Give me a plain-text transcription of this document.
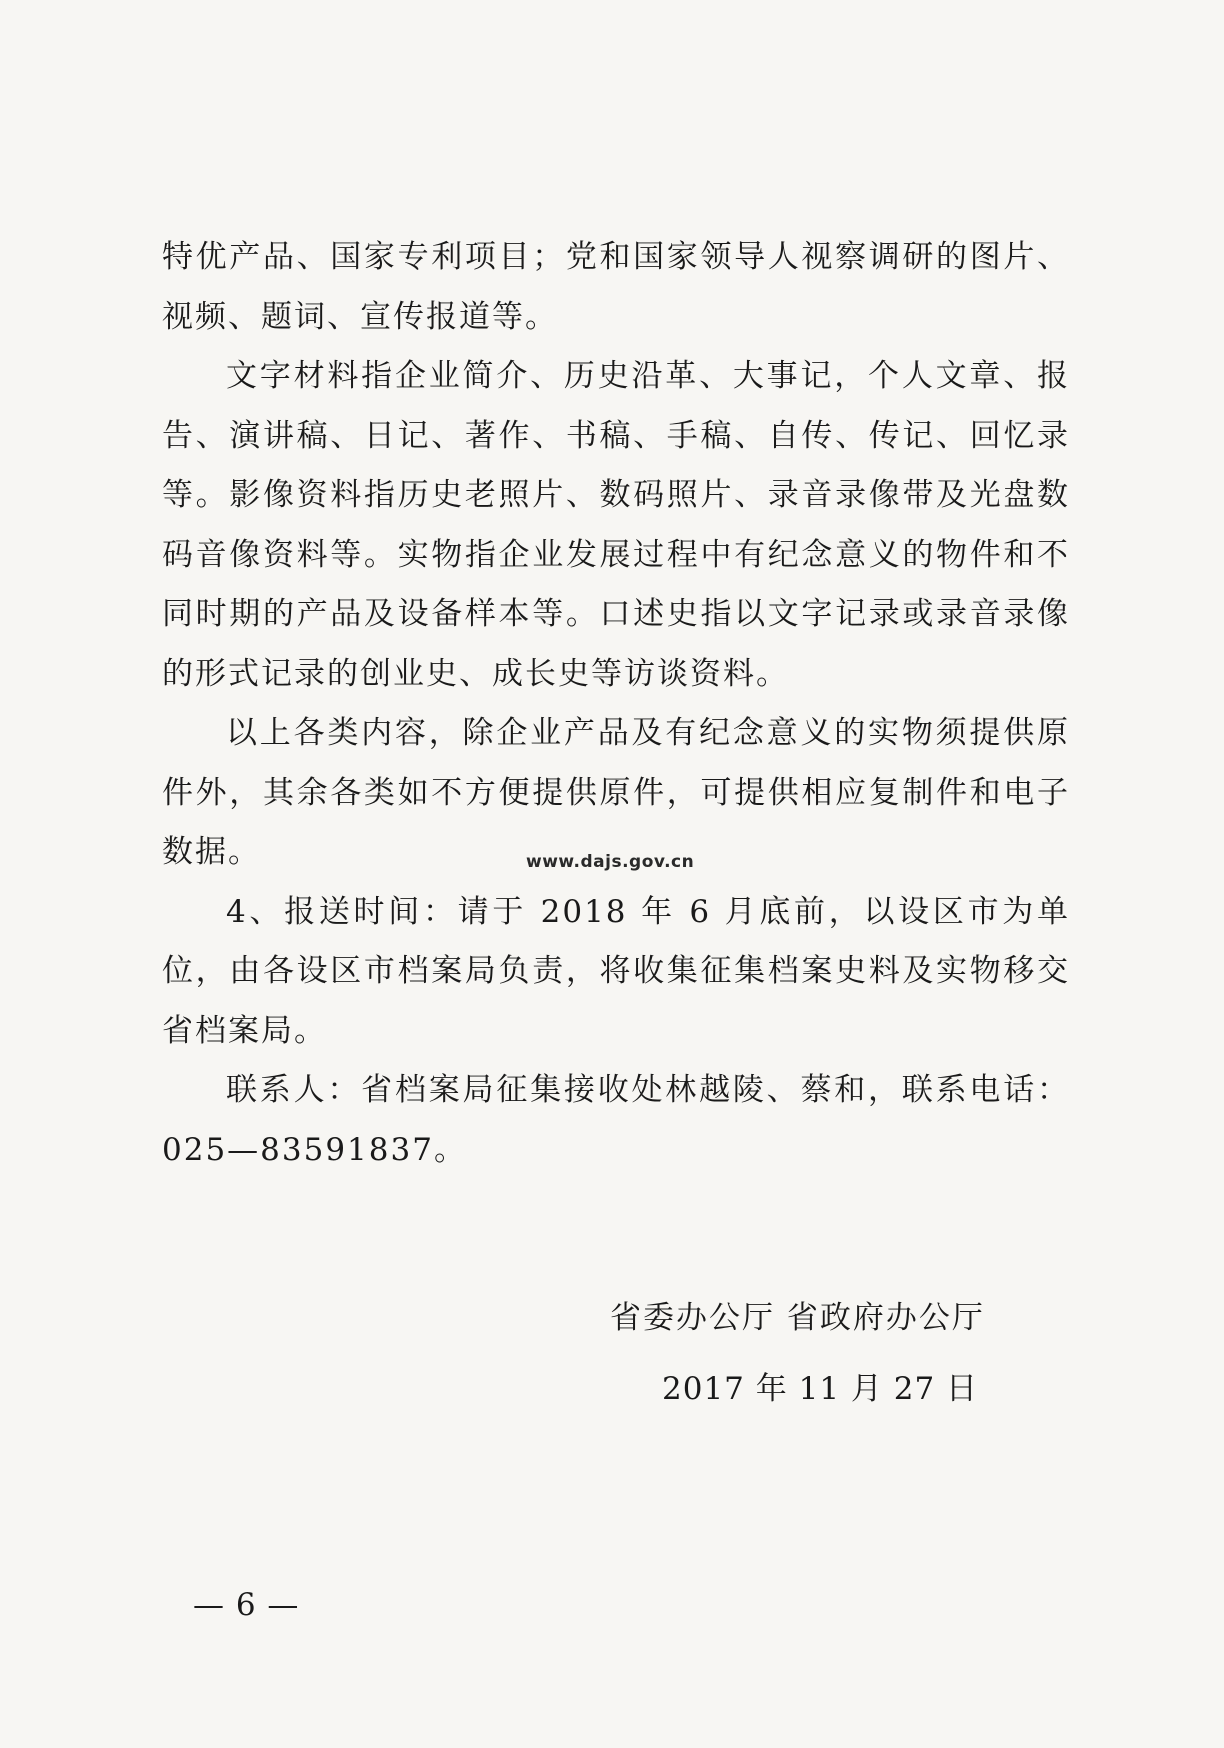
特优产品、国家专利项目；党和国家领导人视察调研的图片、视频、题词、宣传报道等。

文字材料指企业简介、历史沿革、大事记，个人文章、报告、演讲稿、日记、著作、书稿、手稿、自传、传记、回忆录等。影像资料指历史老照片、数码照片、录音录像带及光盘数码音像资料等。实物指企业发展过程中有纪念意义的物件和不同时期的产品及设备样本等。口述史指以文字记录或录音录像的形式记录的创业史、成长史等访谈资料。

以上各类内容，除企业产品及有纪念意义的实物须提供原件外，其余各类如不方便提供原件，可提供相应复制件和电子数据。

4、报送时间：请于 2018 年 6 月底前，以设区市为单位，由各设区市档案局负责，将收集征集档案史料及实物移交省档案局。

联系人：省档案局征集接收处林越陵、蔡和，联系电话：025—83591837。

www.dajs.gov.cn
省委办公厅 省政府办公厅
2017 年 11 月 27 日
— 6 —
